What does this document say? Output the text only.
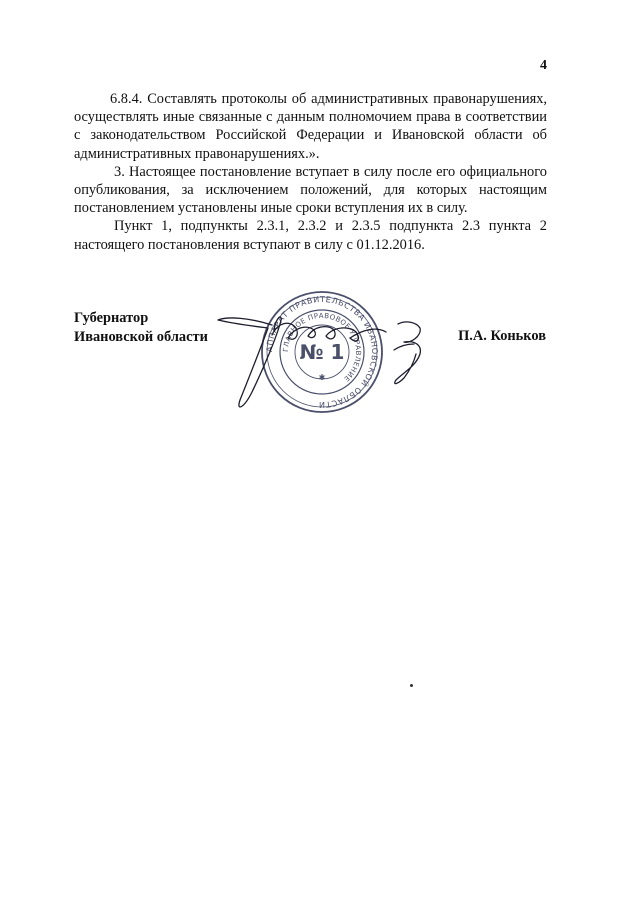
4

6.8.4. Составлять протоколы об административных правонарушениях, осуществлять иные связанные с данным полномочием права в соответствии с законодательством Российской Федерации и Ивановской области об административных правонарушениях.».

3. Настоящее постановление вступает в силу после его официального опубликования, за исключением положений, для которых настоящим постановлением установлены иные сроки вступления их в силу.

Пункт 1, подпункты 2.3.1, 2.3.2 и 2.3.5 подпункта 2.3 пункта 2 настоящего постановления вступают в силу с 01.12.2016.

Губернатор
Ивановской области	П.А. Коньков
АППАРАТ ПРАВИТЕЛЬСТВА ИВАНОВСКОЙ ОБЛАСТИ
ГЛАВНОЕ ПРАВОВОЕ УПРАВЛЕНИЕ
№ 1
✱
